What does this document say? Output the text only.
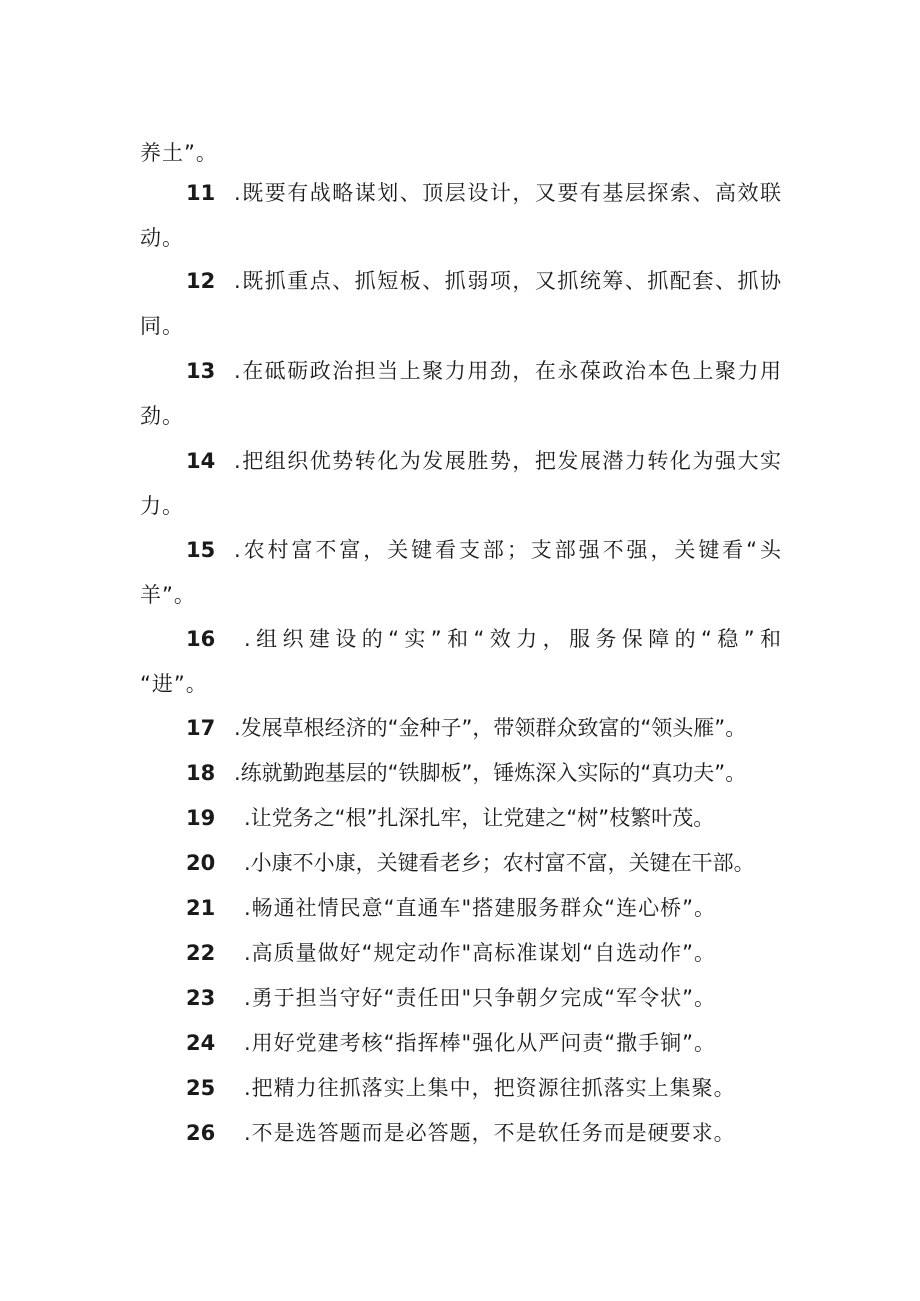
养土”。
11 .既要有战略谋划、顶层设计，又要有基层探索、高效联
动。
12 .既抓重点、抓短板、抓弱项，又抓统筹、抓配套、抓协
同。
13 .在砥砺政治担当上聚力用劲，在永葆政治本色上聚力用
劲。
14 .把组织优势转化为发展胜势，把发展潜力转化为强大实
力。
15 .农村富不富，关键看支部；支部强不强，关键看“头
羊”。
16 .组织建设的“实”和“效力，服务保障的“稳”和
“进”。
17 .发展草根经济的“金种子”，带领群众致富的“领头雁”。
18 .练就勤跑基层的“铁脚板”，锤炼深入实际的“真功夫”。
19 .让党务之“根”扎深扎牢，让党建之“树”枝繁叶茂。
20 .小康不小康，关键看老乡；农村富不富，关键在干部。
21 .畅通社情民意“直通车"搭建服务群众“连心桥”。
22 .高质量做好“规定动作"高标准谋划“自选动作”。
23 .勇于担当守好“责任田"只争朝夕完成“军令状”。
24 .用好党建考核“指挥棒"强化从严问责“撒手锏”。
25 .把精力往抓落实上集中，把资源往抓落实上集聚。
26 .不是选答题而是必答题，不是软任务而是硬要求。
